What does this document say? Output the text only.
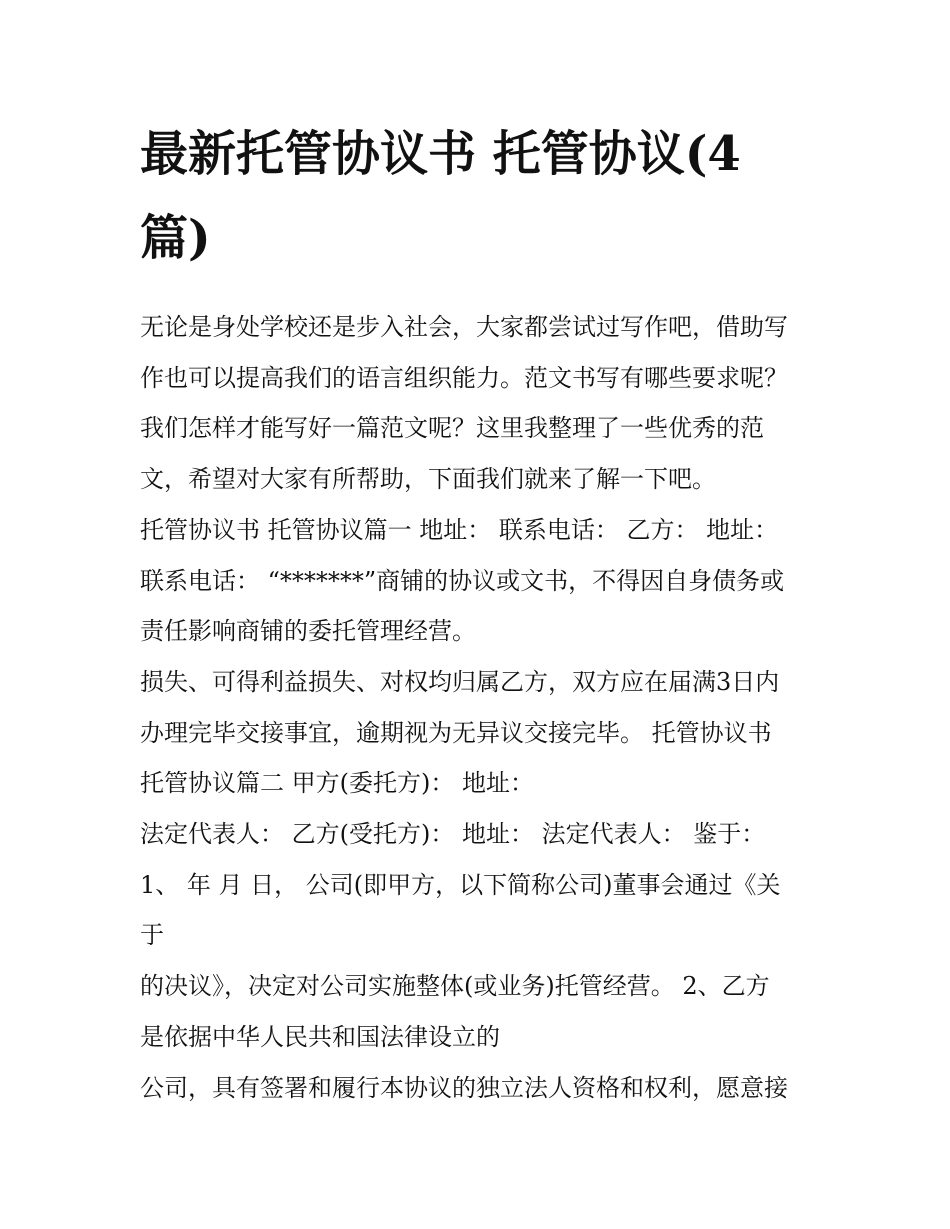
最新托管协议书 托管协议(4
篇)

无论是身处学校还是步入社会，大家都尝试过写作吧，借助写
作也可以提高我们的语言组织能力。范文书写有哪些要求呢？
我们怎样才能写好一篇范文呢？这里我整理了一些优秀的范
文，希望对大家有所帮助，下面我们就来了解一下吧。

托管协议书 托管协议篇一 地址： 联系电话： 乙方： 地址：
联系电话： “*******”商铺的协议或文书，不得因自身债务或
责任影响商铺的委托管理经营。

损失、可得利益损失、对权均归属乙方，双方应在届满3日内
办理完毕交接事宜，逾期视为无异议交接完毕。 托管协议书
托管协议篇二 甲方(委托方)： 地址：

法定代表人： 乙方(受托方)： 地址： 法定代表人： 鉴于：

1、 年 月 日， 公司(即甲方，以下简称公司)董事会通过《关
于

的决议》，决定对公司实施整体(或业务)托管经营。 2、乙方
是依据中华人民共和国法律设立的

公司，具有签署和履行本协议的独立法人资格和权利，愿意接
